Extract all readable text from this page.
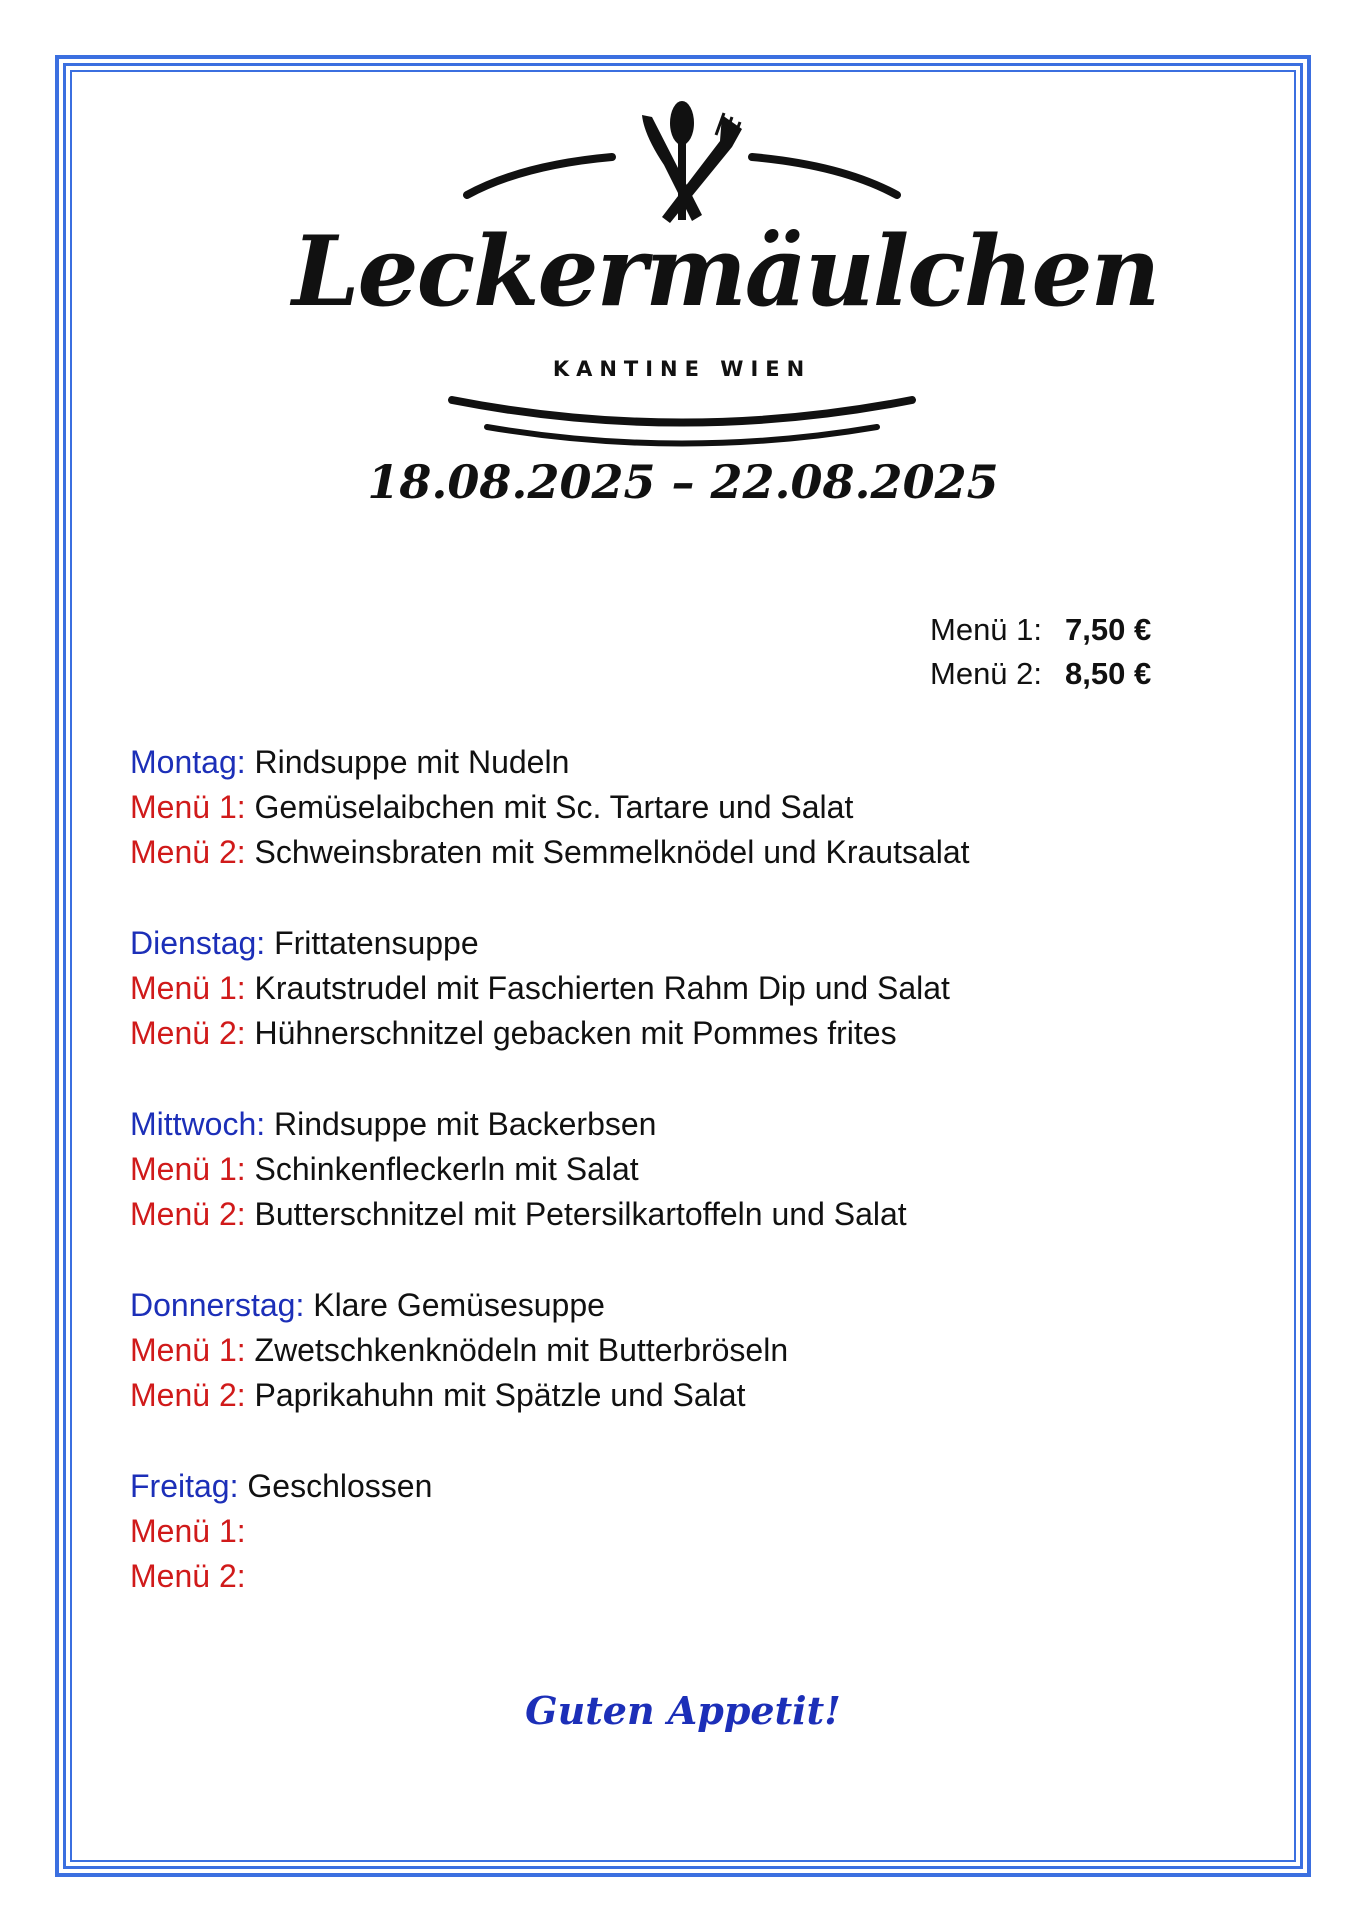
Leckermäulchen
KANTINE WIEN
18.08.2025 – 22.08.2025
Menü 1: 7,50 €
Menü 2: 8,50 €
Montag: Rindsuppe mit Nudeln
Menü 1: Gemüselaibchen mit Sc. Tartare und Salat
Menü 2: Schweinsbraten mit Semmelknödel und Krautsalat
Dienstag: Frittatensuppe
Menü 1: Krautstrudel mit Faschierten Rahm Dip und Salat
Menü 2: Hühnerschnitzel gebacken mit Pommes frites
Mittwoch: Rindsuppe mit Backerbsen
Menü 1: Schinkenfleckerln mit Salat
Menü 2: Butterschnitzel mit Petersilkartoffeln und Salat
Donnerstag: Klare Gemüsesuppe
Menü 1: Zwetschkenknödeln mit Butterbröseln
Menü 2: Paprikahuhn mit Spätzle und Salat
Freitag: Geschlossen
Menü 1:
Menü 2:
Guten Appetit!
